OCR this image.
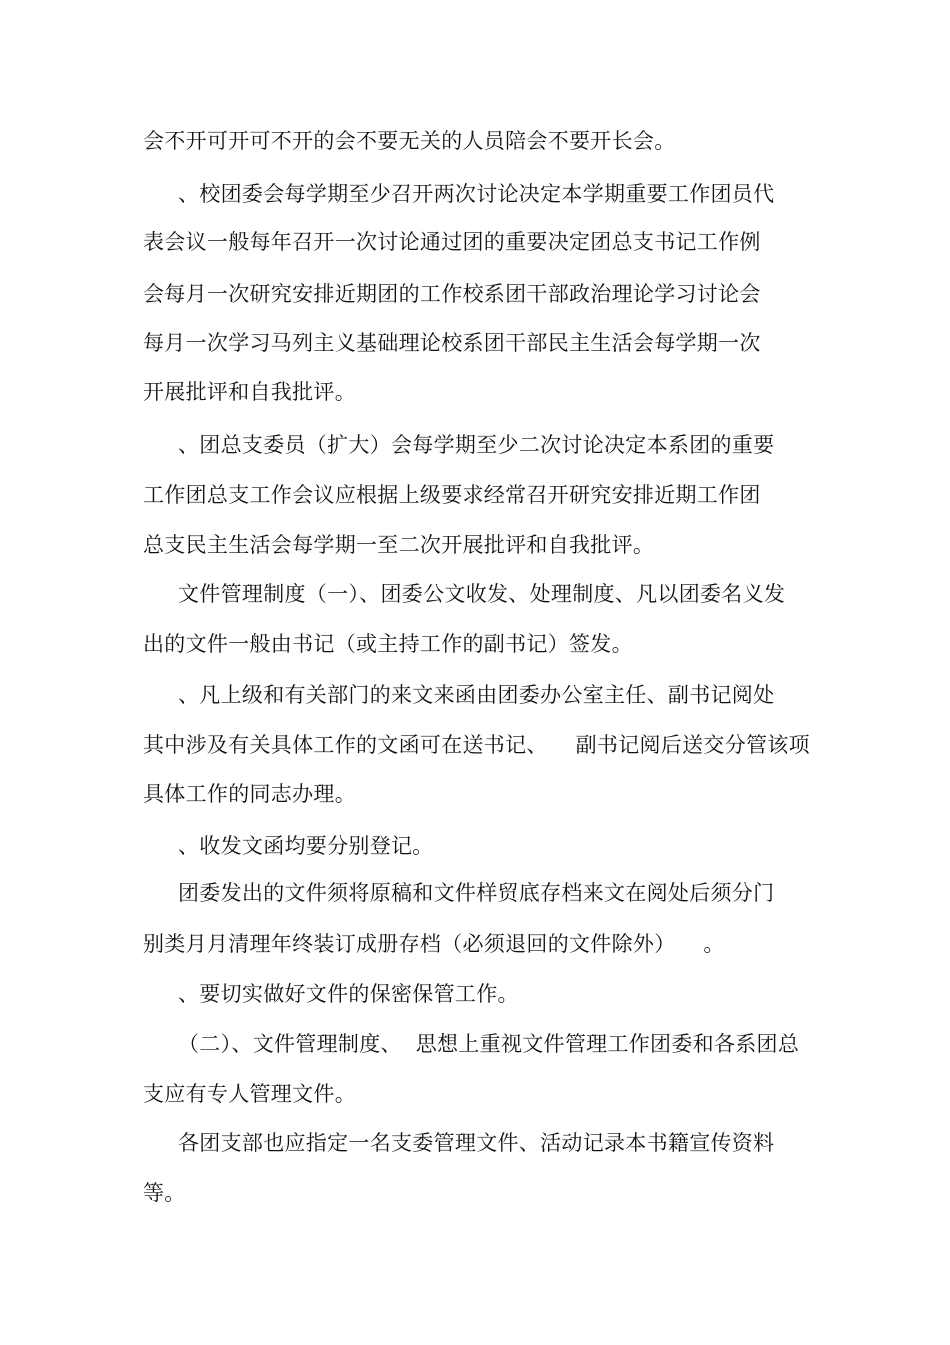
会不开可开可不开的会不要无关的人员陪会不要开长会。
、校团委会每学期至少召开两次讨论决定本学期重要工作团员代
表会议一般每年召开一次讨论通过团的重要决定团总支书记工作例
会每月一次研究安排近期团的工作校系团干部政治理论学习讨论会
每月一次学习马列主义基础理论校系团干部民主生活会每学期一次
开展批评和自我批评。
、团总支委员（扩大）会每学期至少二次讨论决定本系团的重要
工作团总支工作会议应根据上级要求经常召开研究安排近期工作团
总支民主生活会每学期一至二次开展批评和自我批评。
文件管理制度（一）、团委公文收发、处理制度、凡以团委名义发
出的文件一般由书记（或主持工作的副书记）签发。
、凡上级和有关部门的来文来函由团委办公室主任、副书记阅处
其中涉及有关具体工作的文函可在送书记、    副书记阅后送交分管该项
具体工作的同志办理。
、收发文函均要分别登记。
团委发出的文件须将原稿和文件样贸底存档来文在阅处后须分门
别类月月清理年终装订成册存档（必须退回的文件除外）    。
、要切实做好文件的保密保管工作。
（二）、文件管理制度、  思想上重视文件管理工作团委和各系团总
支应有专人管理文件。
各团支部也应指定一名支委管理文件、活动记录本书籍宣传资料
等。
